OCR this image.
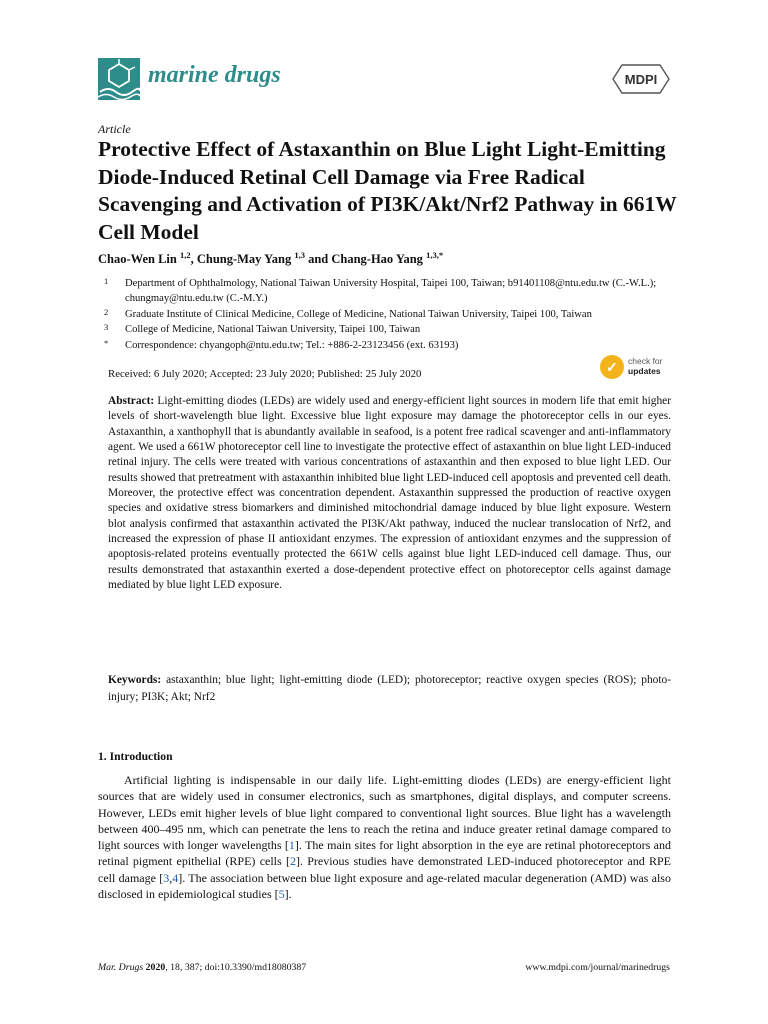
marine drugs	MDPI
Article
Protective Effect of Astaxanthin on Blue Light Light-Emitting Diode-Induced Retinal Cell Damage via Free Radical Scavenging and Activation of PI3K/Akt/Nrf2 Pathway in 661W Cell Model
Chao-Wen Lin $^{1,2}$, Chung-May Yang $^{1,3}$ and Chang-Hao Yang $^{1,3,*}$
1 Department of Ophthalmology, National Taiwan University Hospital, Taipei 100, Taiwan; b91401108@ntu.edu.tw (C.-W.L.); chungmay@ntu.edu.tw (C.-M.Y.)
2 Graduate Institute of Clinical Medicine, College of Medicine, National Taiwan University, Taipei 100, Taiwan
3 College of Medicine, National Taiwan University, Taipei 100, Taiwan
* Correspondence: chyangoph@ntu.edu.tw; Tel.: +886-2-23123456 (ext. 63193)
Received: 6 July 2020; Accepted: 23 July 2020; Published: 25 July 2020	✓	check for
updates

Abstract: Light-emitting diodes (LEDs) are widely used and energy-efficient light sources in modern life that emit higher levels of short-wavelength blue light. Excessive blue light exposure may damage the photoreceptor cells in our eyes. Astaxanthin, a xanthophyll that is abundantly available in seafood, is a potent free radical scavenger and anti-inflammatory agent. We used a 661W photoreceptor cell line to investigate the protective effect of astaxanthin on blue light LED-induced retinal injury. The cells were treated with various concentrations of astaxanthin and then exposed to blue light LED. Our results showed that pretreatment with astaxanthin inhibited blue light LED-induced cell apoptosis and prevented cell death. Moreover, the protective effect was concentration dependent. Astaxanthin suppressed the production of reactive oxygen species and oxidative stress biomarkers and diminished mitochondrial damage induced by blue light exposure. Western blot analysis confirmed that astaxanthin activated the PI3K/Akt pathway, induced the nuclear translocation of Nrf2, and increased the expression of phase II antioxidant enzymes. The expression of antioxidant enzymes and the suppression of apoptosis-related proteins eventually protected the 661W cells against blue light LED-induced cell damage. Thus, our results demonstrated that astaxanthin exerted a dose-dependent protective effect on photoreceptor cells against damage mediated by blue light LED exposure.

Keywords: astaxanthin; blue light; light-emitting diode (LED); photoreceptor; reactive oxygen species (ROS); photo-injury; PI3K; Akt; Nrf2

1. Introduction

Artificial lighting is indispensable in our daily life. Light-emitting diodes (LEDs) are energy-efficient light sources that are widely used in consumer electronics, such as smartphones, digital displays, and computer screens. However, LEDs emit higher levels of blue light compared to conventional light sources. Blue light has a wavelength between 400–495 nm, which can penetrate the lens to reach the retina and induce greater retinal damage compared to light sources with longer wavelengths [1]. The main sites for light absorption in the eye are retinal photoreceptors and retinal pigment epithelial (RPE) cells [2]. Previous studies have demonstrated LED-induced photoreceptor and RPE cell damage [3,4]. The association between blue light exposure and age-related macular degeneration (AMD) was also disclosed in epidemiological studies [5].

Mar. Drugs 2020, 18, 387; doi:10.3390/md18080387	www.mdpi.com/journal/marinedrugs
